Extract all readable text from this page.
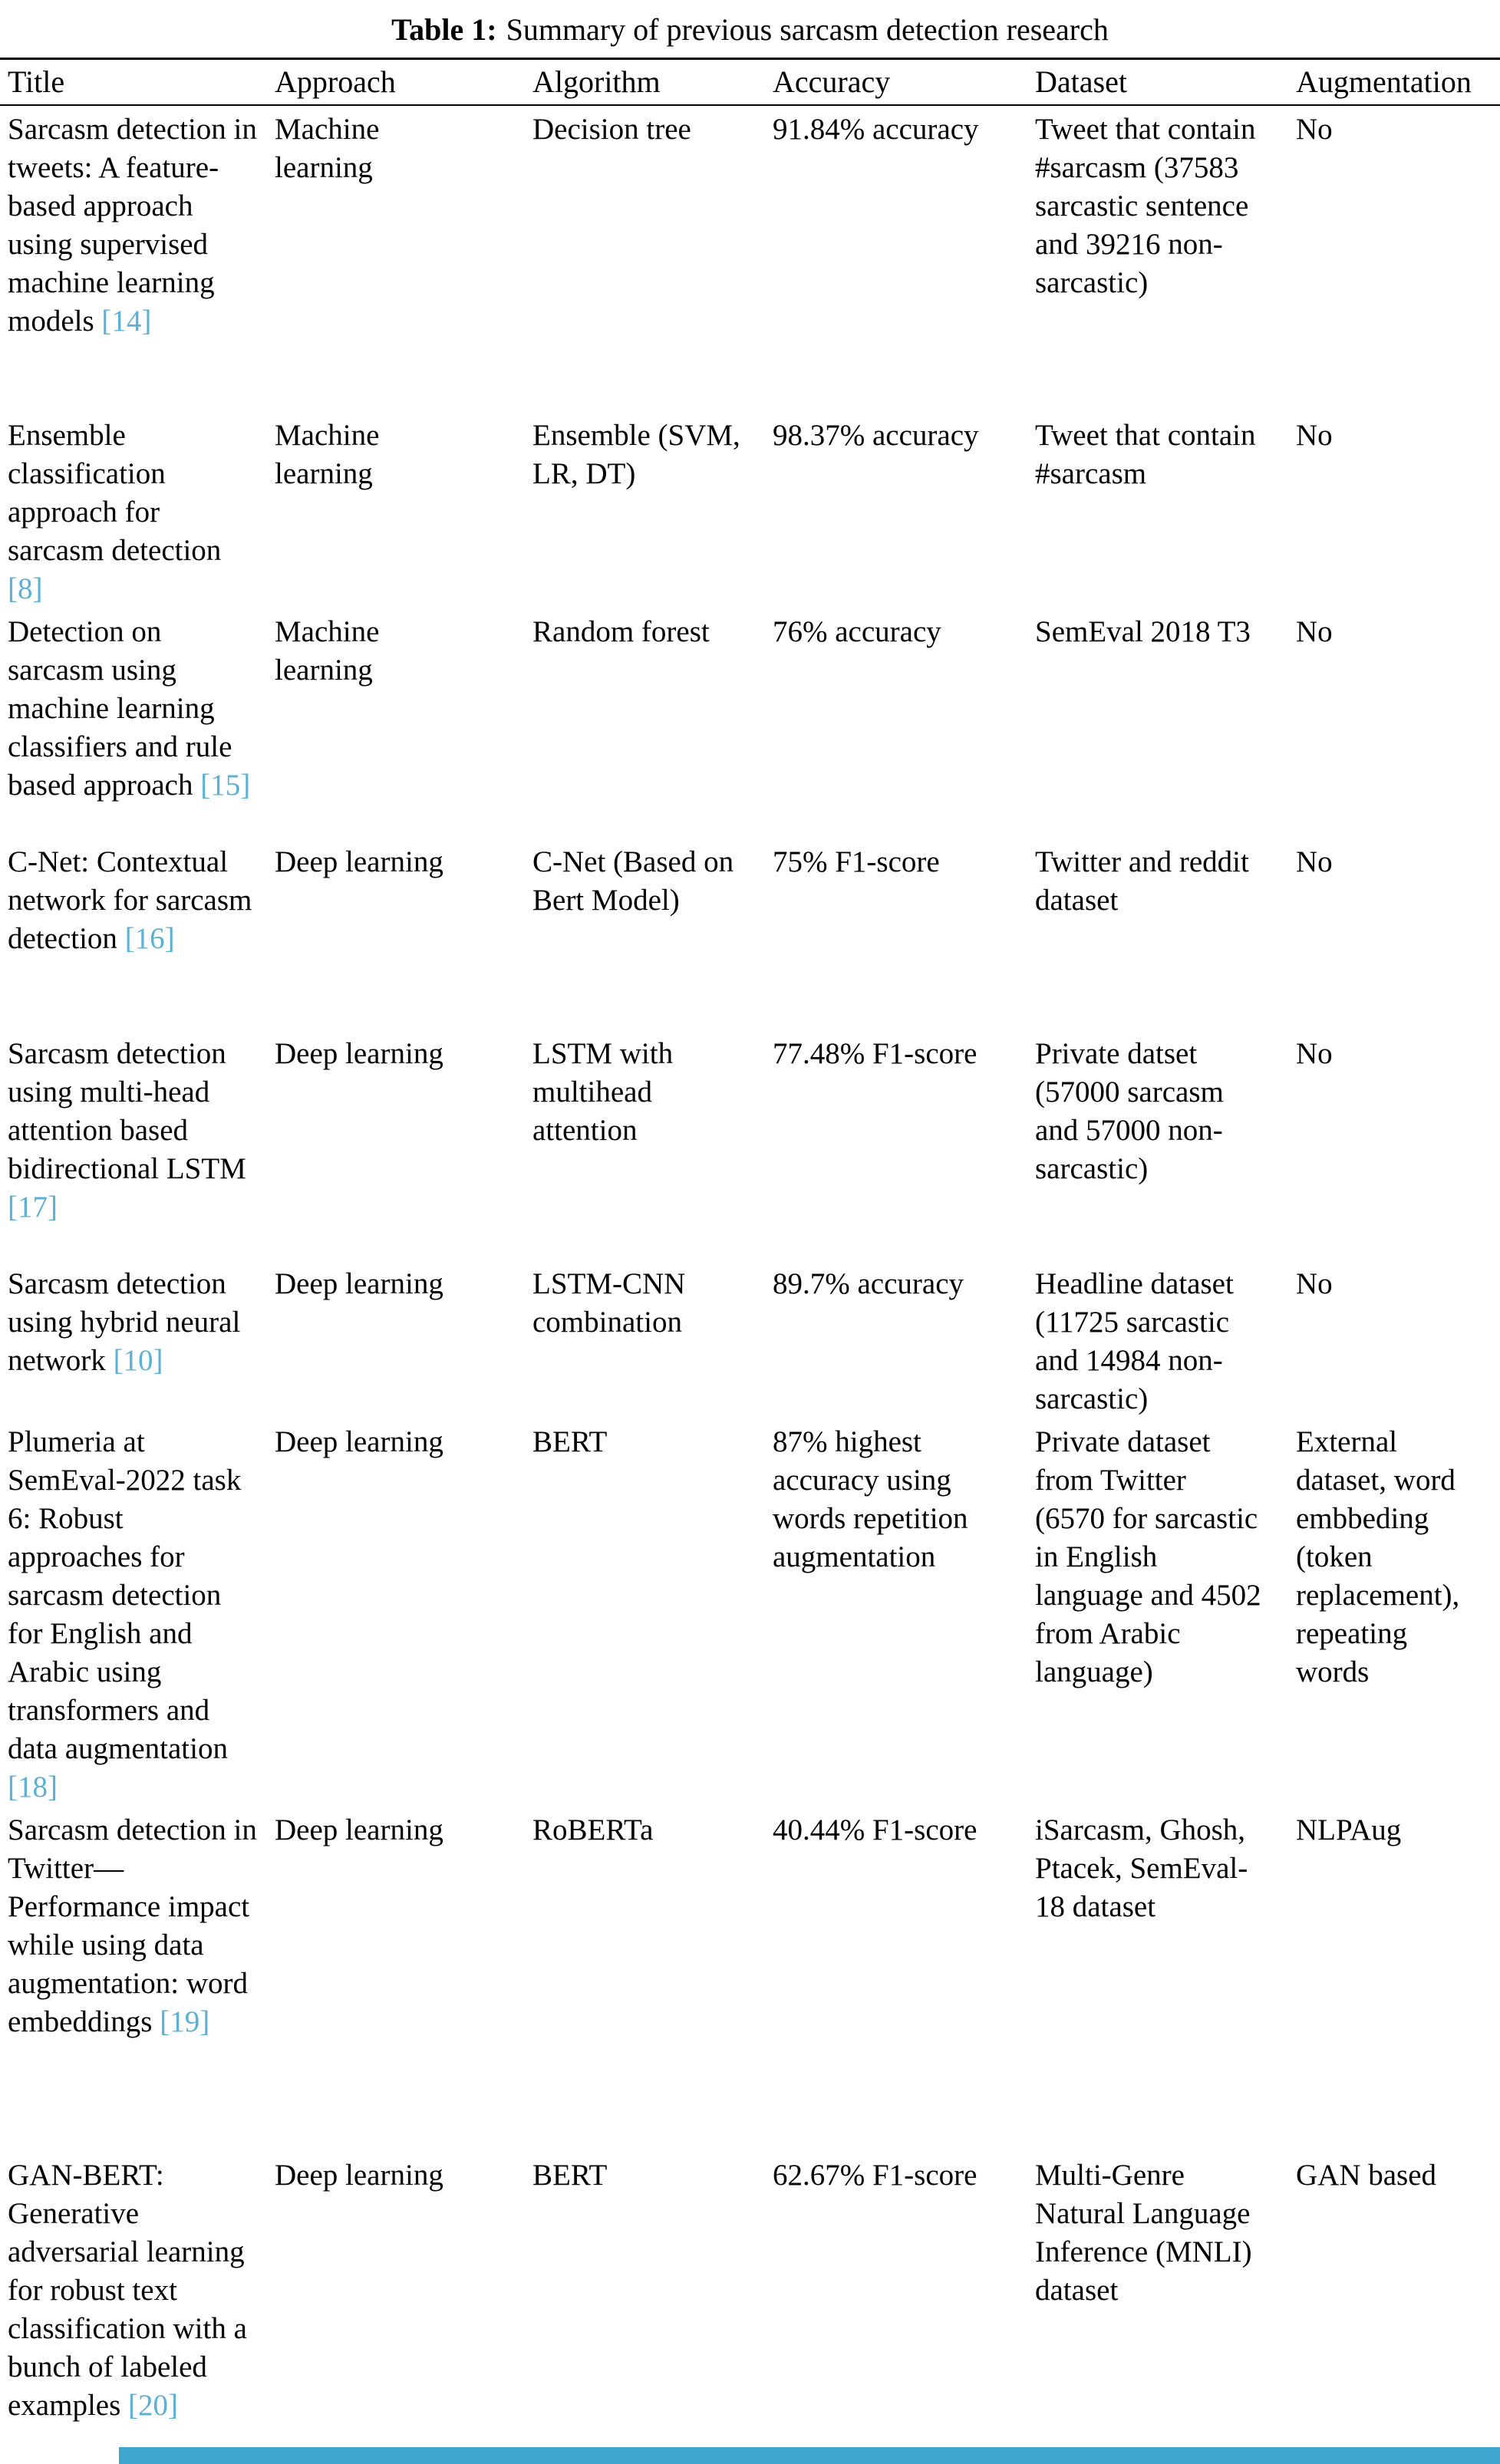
Table 1: Summary of previous sarcasm detection research
Title	Approach	Algorithm	Accuracy	Dataset	Augmentation
Sarcasm detection in tweets: A feature-based approach using supervised machine learning models [14]	Machine learning	Decision tree	91.84% accuracy	Tweet that contain #sarcasm (37583 sarcastic sentence and 39216 non-sarcastic)	No
Ensemble classification approach for sarcasm detection [8]	Machine learning	Ensemble (SVM, LR, DT)	98.37% accuracy	Tweet that contain #sarcasm	No
Detection on sarcasm using machine learning classifiers and rule based approach [15]	Machine learning	Random forest	76% accuracy	SemEval 2018 T3	No
C-Net: Contextual network for sarcasm detection [16]	Deep learning	C-Net (Based on Bert Model)	75% F1-score	Twitter and reddit dataset	No
Sarcasm detection using multi-head attention based bidirectional LSTM [17]	Deep learning	LSTM with multihead attention	77.48% F1-score	Private datset (57000 sarcasm and 57000 non-sarcastic)	No
Sarcasm detection using hybrid neural network [10]	Deep learning	LSTM-CNN combination	89.7% accuracy	Headline dataset (11725 sarcastic and 14984 non-sarcastic)	No
Plumeria at SemEval-2022 task 6: Robust approaches for sarcasm detection for English and Arabic using transformers and data augmentation [18]	Deep learning	BERT	87% highest accuracy using words repetition augmentation	Private dataset from Twitter (6570 for sarcastic in English language and 4502 from Arabic language)	External dataset, word embbeding (token replacement), repeating words
Sarcasm detection in Twitter—Performance impact while using data augmentation: word embeddings [19]	Deep learning	RoBERTa	40.44% F1-score	iSarcasm, Ghosh, Ptacek, SemEval-18 dataset	NLPAug
GAN-BERT: Generative adversarial learning for robust text classification with a bunch of labeled examples [20]	Deep learning	BERT	62.67% F1-score	Multi-Genre Natural Language Inference (MNLI) dataset	GAN based
